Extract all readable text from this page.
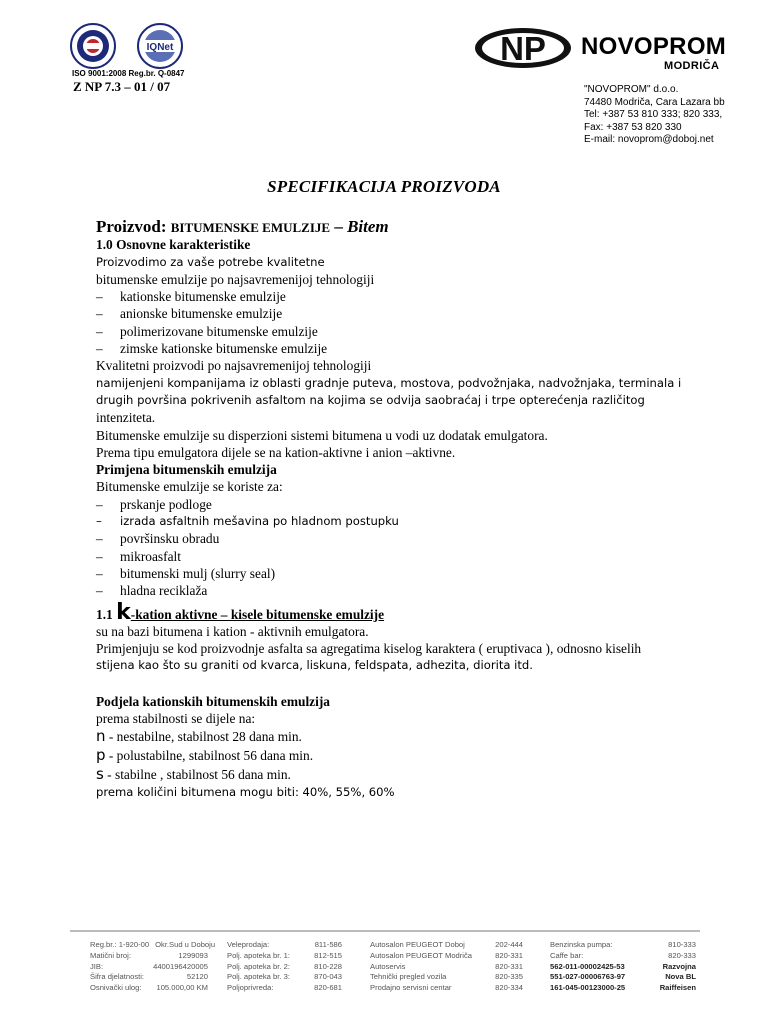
IQNet
ISO 9001:2008 Reg.br. Q-0847
Z NP 7.3 – 01 / 07
NP NOVOPROM
MODRIČA
"NOVOPROM" d.o.o.
74480 Modriča, Cara Lazara bb
Tel: +387 53 810 333; 820 333,
Fax: +387 53 820 330
E-mail: novoprom@doboj.net
SPECIFIKACIJA PROIZVODA
Proizvod: BITUMENSKE EMULZIJE – Bitem
1.0 Osnovne karakteristike
Proizvodimo za vaše potrebe kvalitetne
bitumenske emulzije po najsavremenijoj tehnologiji
–	kationske bitumenske emulzije
–	anionske bitumenske emulzije
–	polimerizovane bitumenske emulzije
–	zimske kationske bitumenske emulzije
Kvalitetni proizvodi po najsavremenijoj tehnologiji
namijenjeni kompanijama iz oblasti gradnje puteva, mostova, podvožnjaka, nadvožnjaka, terminala i
drugih površina pokrivenih asfaltom na kojima se odvija saobraćaj i trpe opterećenja različitog
intenziteta.
Bitumenske emulzije su disperzioni sistemi bitumena u vodi uz dodatak emulgatora.
Prema tipu emulgatora dijele se na kation-aktivne i anion –aktivne.
Primjena bitumenskih emulzija
Bitumenske emulzije se koriste za:
–	prskanje podloge
–	izrada asfaltnih mešavina po hladnom postupku
–	površinsku obradu
–	mikroasfalt
–	bitumenski mulj (slurry seal)
–	hladna reciklaža
1.1 k-kation aktivne – kisele bitumenske emulzije
su na bazi bitumena i kation - aktivnih emulgatora.
Primjenjuju se kod proizvodnje asfalta sa agregatima kiselog karaktera ( eruptivaca ), odnosno kiselih
stijena kao što su graniti od kvarca, liskuna, feldspata, adhezita, diorita itd.
Podjela kationskih bitumenskih emulzija
prema stabilnosti se dijele na:
n - nestabilne, stabilnost 28 dana min.
p - polustabilne, stabilnost 56 dana min.
s - stabilne , stabilnost 56 dana min.
prema količini bitumena mogu biti: 40%, 55%, 60%
Reg.br.: 1-920-00 Okr.Sud u Doboju
Matični broj:	1299093
JIB:	4400196420005
Šifra djelatnosti:	52120
Osnivački ulog: 105.000,00 KM
Veleprodaja:	811-586
Polj. apoteka br. 1:	812-515
Polj. apoteka br. 2:	810-228
Polj. apoteka br. 3:	870-043
Poljoprivreda:	820-681
Autosalon PEUGEOT Doboj	202-444
Autosalon PEUGEOT Modriča	820-331
Autoservis	820-331
Tehnički pregled vozila	820-335
Prodajno servisni centar	820-334
Benzinska pumpa:	810-333
Caffe bar:	820-333
562-011-00002425-53	Razvojna
551-027-00006763-97	Nova BL
161-045-00123000-25	Raiffeisen
